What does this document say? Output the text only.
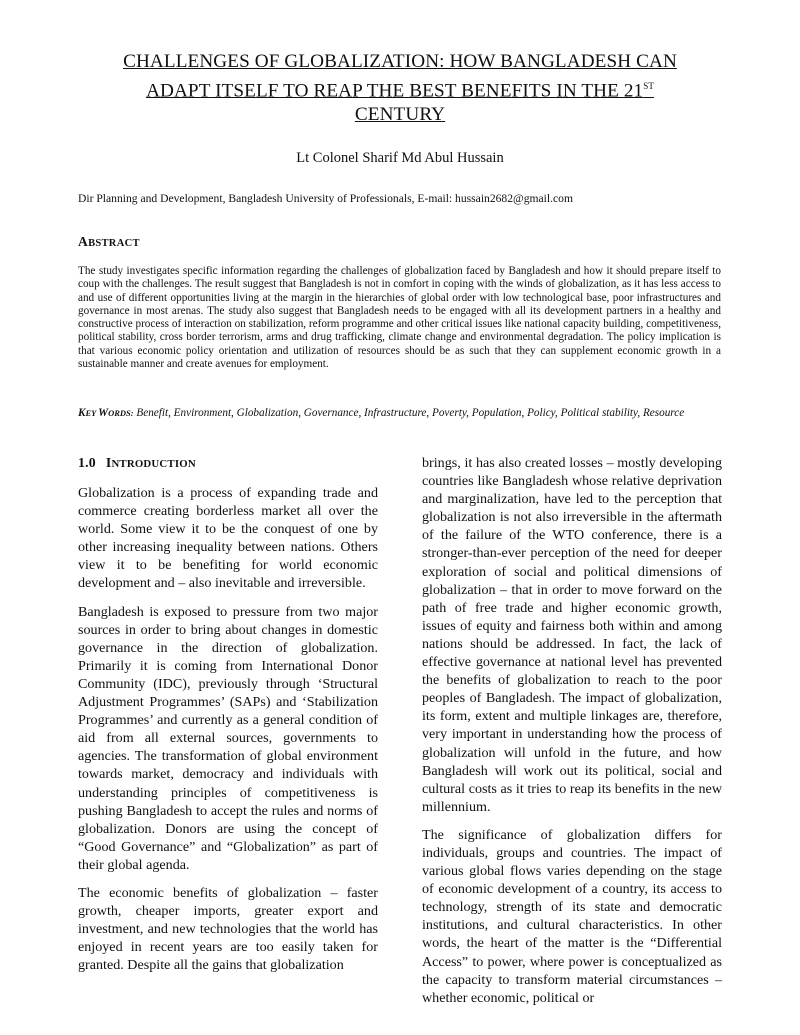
CHALLENGES OF GLOBALIZATION: HOW BANGLADESH CAN
ADAPT ITSELF TO REAP THE BEST BENEFITS IN THE 21ST
CENTURY
Lt Colonel Sharif Md Abul Hussain
Dir Planning and Development, Bangladesh University of Professionals, E-mail: hussain2682@gmail.com
ABSTRACT
The study investigates specific information regarding the challenges of globalization faced by Bangladesh and how it should prepare itself to coup with the challenges. The result suggest that Bangladesh is not in comfort in coping with the winds of globalization, as it has less access to and use of different opportunities living at the margin in the hierarchies of global order with low technological base, poor infrastructures and governance in most arenas. The study also suggest that Bangladesh needs to be engaged with all its development partners in a healthy and constructive process of interaction on stabilization, reform programme and other critical issues like national capacity building, competitiveness, political stability, cross border terrorism, arms and drug trafficking, climate change and environmental degradation. The policy implication is that various economic policy orientation and utilization of resources should be as such that they can supplement economic growth in a sustainable manner and create avenues for employment.
KEY WORDS: Benefit, Environment, Globalization, Governance, Infrastructure, Poverty, Population, Policy, Political stability, Resource
1.0 INTRODUCTION

Globalization is a process of expanding trade and commerce creating borderless market all over the world. Some view it to be the conquest of one by other increasing inequality between nations. Others view it to be benefiting for world economic development and – also inevitable and irreversible.

Bangladesh is exposed to pressure from two major sources in order to bring about changes in domestic governance in the direction of globalization. Primarily it is coming from International Donor Community (IDC), previously through ‘Structural Adjustment Programmes’ (SAPs) and ‘Stabilization Programmes’ and currently as a general condition of aid from all external sources, governments to agencies. The transformation of global environment towards market, democracy and individuals with understanding principles of competitiveness is pushing Bangladesh to accept the rules and norms of globalization. Donors are using the concept of “Good Governance” and “Globalization” as part of their global agenda.

The economic benefits of globalization – faster growth, cheaper imports, greater export and investment, and new technologies that the world has enjoyed in recent years are too easily taken for granted. Despite all the gains that globalization

brings, it has also created losses – mostly developing countries like Bangladesh whose relative deprivation and marginalization, have led to the perception that globalization is not also irreversible in the aftermath of the failure of the WTO conference, there is a stronger-than-ever perception of the need for deeper exploration of social and political dimensions of globalization – that in order to move forward on the path of free trade and higher economic growth, issues of equity and fairness both within and among nations should be addressed. In fact, the lack of effective governance at national level has prevented the benefits of globalization to reach to the poor peoples of Bangladesh. The impact of globalization, its form, extent and multiple linkages are, therefore, very important in understanding how the process of globalization will unfold in the future, and how Bangladesh will work out its political, social and cultural costs as it tries to reap its benefits in the new millennium.

The significance of globalization differs for individuals, groups and countries. The impact of various global flows varies depending on the stage of economic development of a country, its access to technology, strength of its state and democratic institutions, and cultural characteristics. In other words, the heart of the matter is the “Differential Access” to power, where power is conceptualized as the capacity to transform material circumstances – whether economic, political or
